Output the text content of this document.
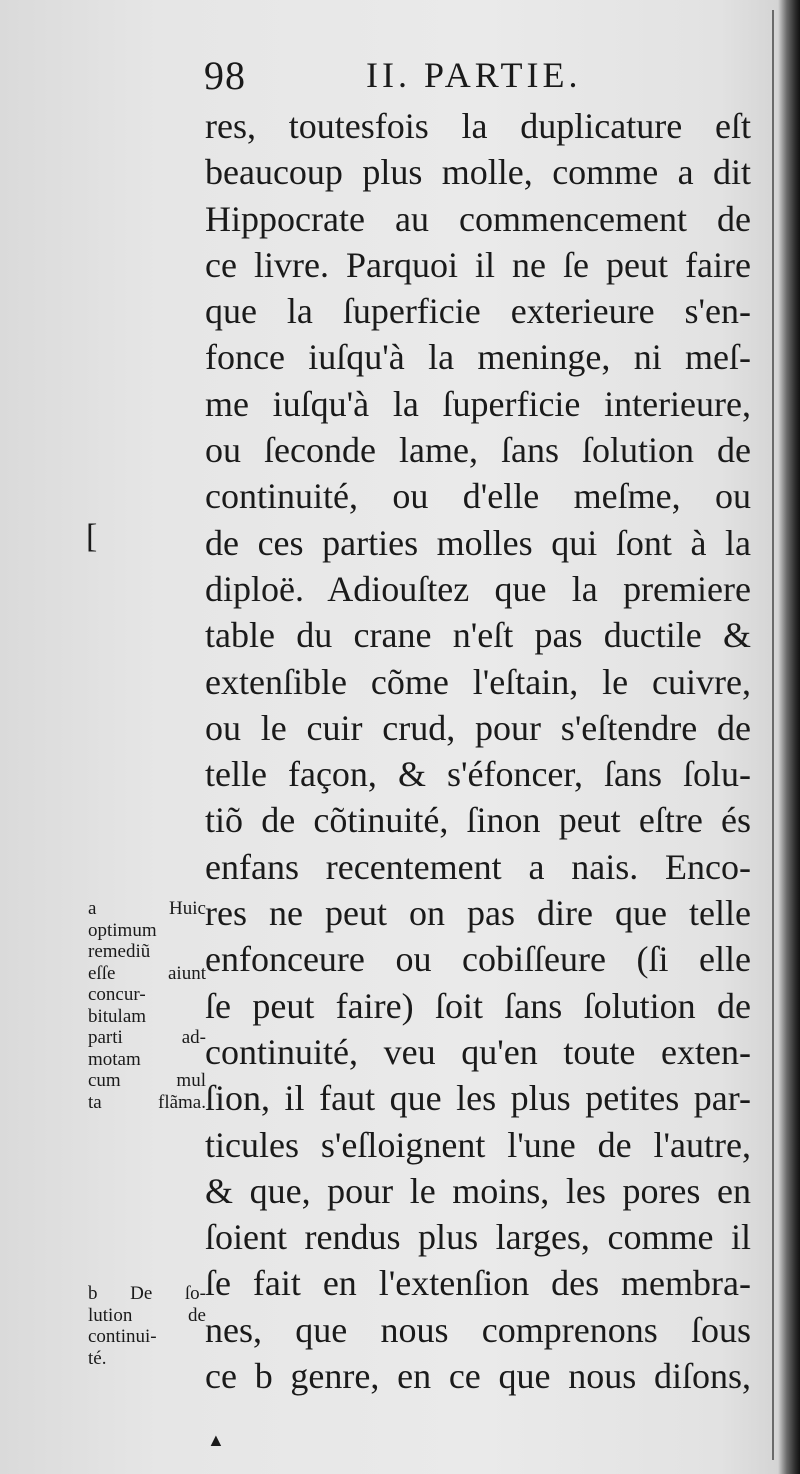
98	II. PARTIE.
[
res, toutesfois la duplicature eſt
beaucoup plus molle, comme a dit
Hippocrate au commencement de
ce livre. Parquoi il ne ſe peut faire
que la ſuperficie exterieure s'en-
fonce iuſqu'à la meninge, ni meſ-
me iuſqu'à la ſuperficie interieure,
ou ſeconde lame, ſans ſolution de
continuité, ou d'elle meſme, ou
de ces parties molles qui ſont à la
diploë. Adiouſtez que la premiere
table du crane n'eſt pas ductile &
extenſible cõme l'eſtain, le cuivre,
ou le cuir crud, pour s'eſtendre de
telle façon, & s'éfoncer, ſans ſolu-
tiõ de cõtinuité, ſinon peut eſtre és
enfans recentement a nais. Enco-
res ne peut on pas dire que telle
enfonceure ou cobiſſeure (ſi elle
ſe peut faire) ſoit ſans ſolution de
continuité, veu qu'en toute exten-
ſion, il faut que les plus petites par-
ticules s'eſloignent l'une de l'autre,
& que, pour le moins, les pores en
ſoient rendus plus larges, comme il
ſe fait en l'extenſion des membra-
nes, que nous comprenons ſous
ce b genre, en ce que nous diſons,
a Huic
optimum
remediũ
eſſe aiunt
concur-
bitulam
parti ad-
motam
cum mul
ta flãma.
b De ſo-
lution de
continui-
té.
▲
